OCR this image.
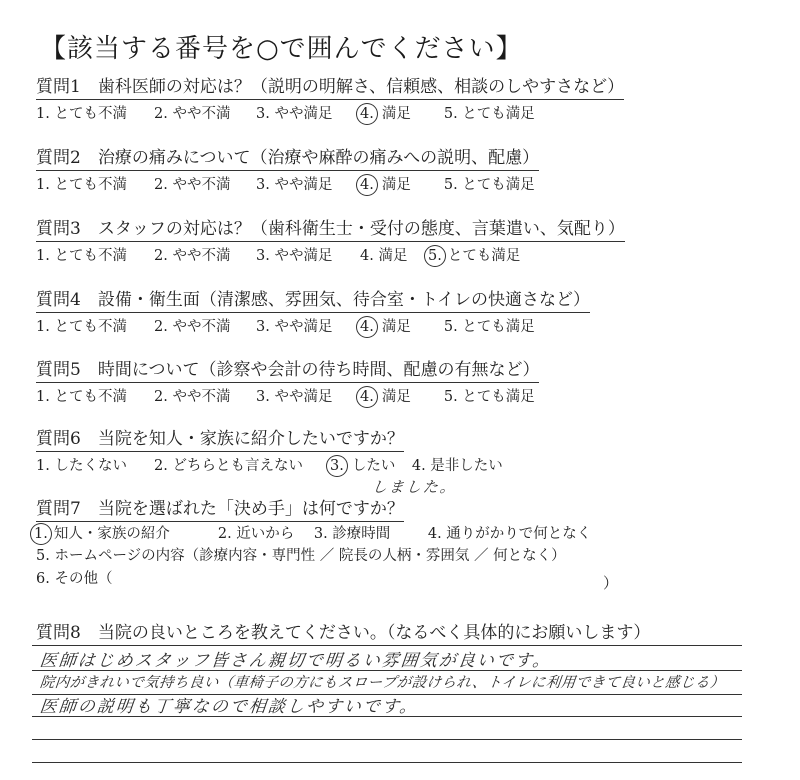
【該当する番号を○で囲んでください】
質問1　歯科医師の対応は？（説明の明解さ、信頼感、相談のしやすさなど）
1. とても不満 2. やや不満 3. やや満足 4. 満足 5. とても満足
質問2　治療の痛みについて（治療や麻酔の痛みへの説明、配慮）
1. とても不満 2. やや不満 3. やや満足 4. 満足 5. とても満足
質問3　スタッフの対応は？（歯科衛生士・受付の態度、言葉遣い、気配り）
1. とても不満 2. やや不満 3. やや満足 4. 満足 5. とても満足
質問4　設備・衛生面（清潔感、雰囲気、待合室・トイレの快適さなど）
1. とても不満 2. やや不満 3. やや満足 4. 満足 5. とても満足
質問5　時間について（診察や会計の待ち時間、配慮の有無など）
1. とても不満 2. やや不満 3. やや満足 4. 満足 5. とても満足
質問6　当院を知人・家族に紹介したいですか？
1. したくない 2. どちらとも言えない 3. したい 4. 是非したい
しました。
質問7　当院を選ばれた「決め手」は何ですか？
1. 知人・家族の紹介	2. 近いから 3. 診療時間	4. 通りがかりで何となく
5. ホームページの内容（診療内容・専門性 ／ 院長の人柄・雰囲気 ／ 何となく）
6. その他（	）
質問8　当院の良いところを教えてください。（なるべく具体的にお願いします）
医師はじめスタッフ皆さん親切で明るい雰囲気が良いです。
院内がきれいで気持ち良い（車椅子の方にもスロープが設けられ、トイレに利用できて良いと感じる）
医師の説明も丁寧なので相談しやすいです。
